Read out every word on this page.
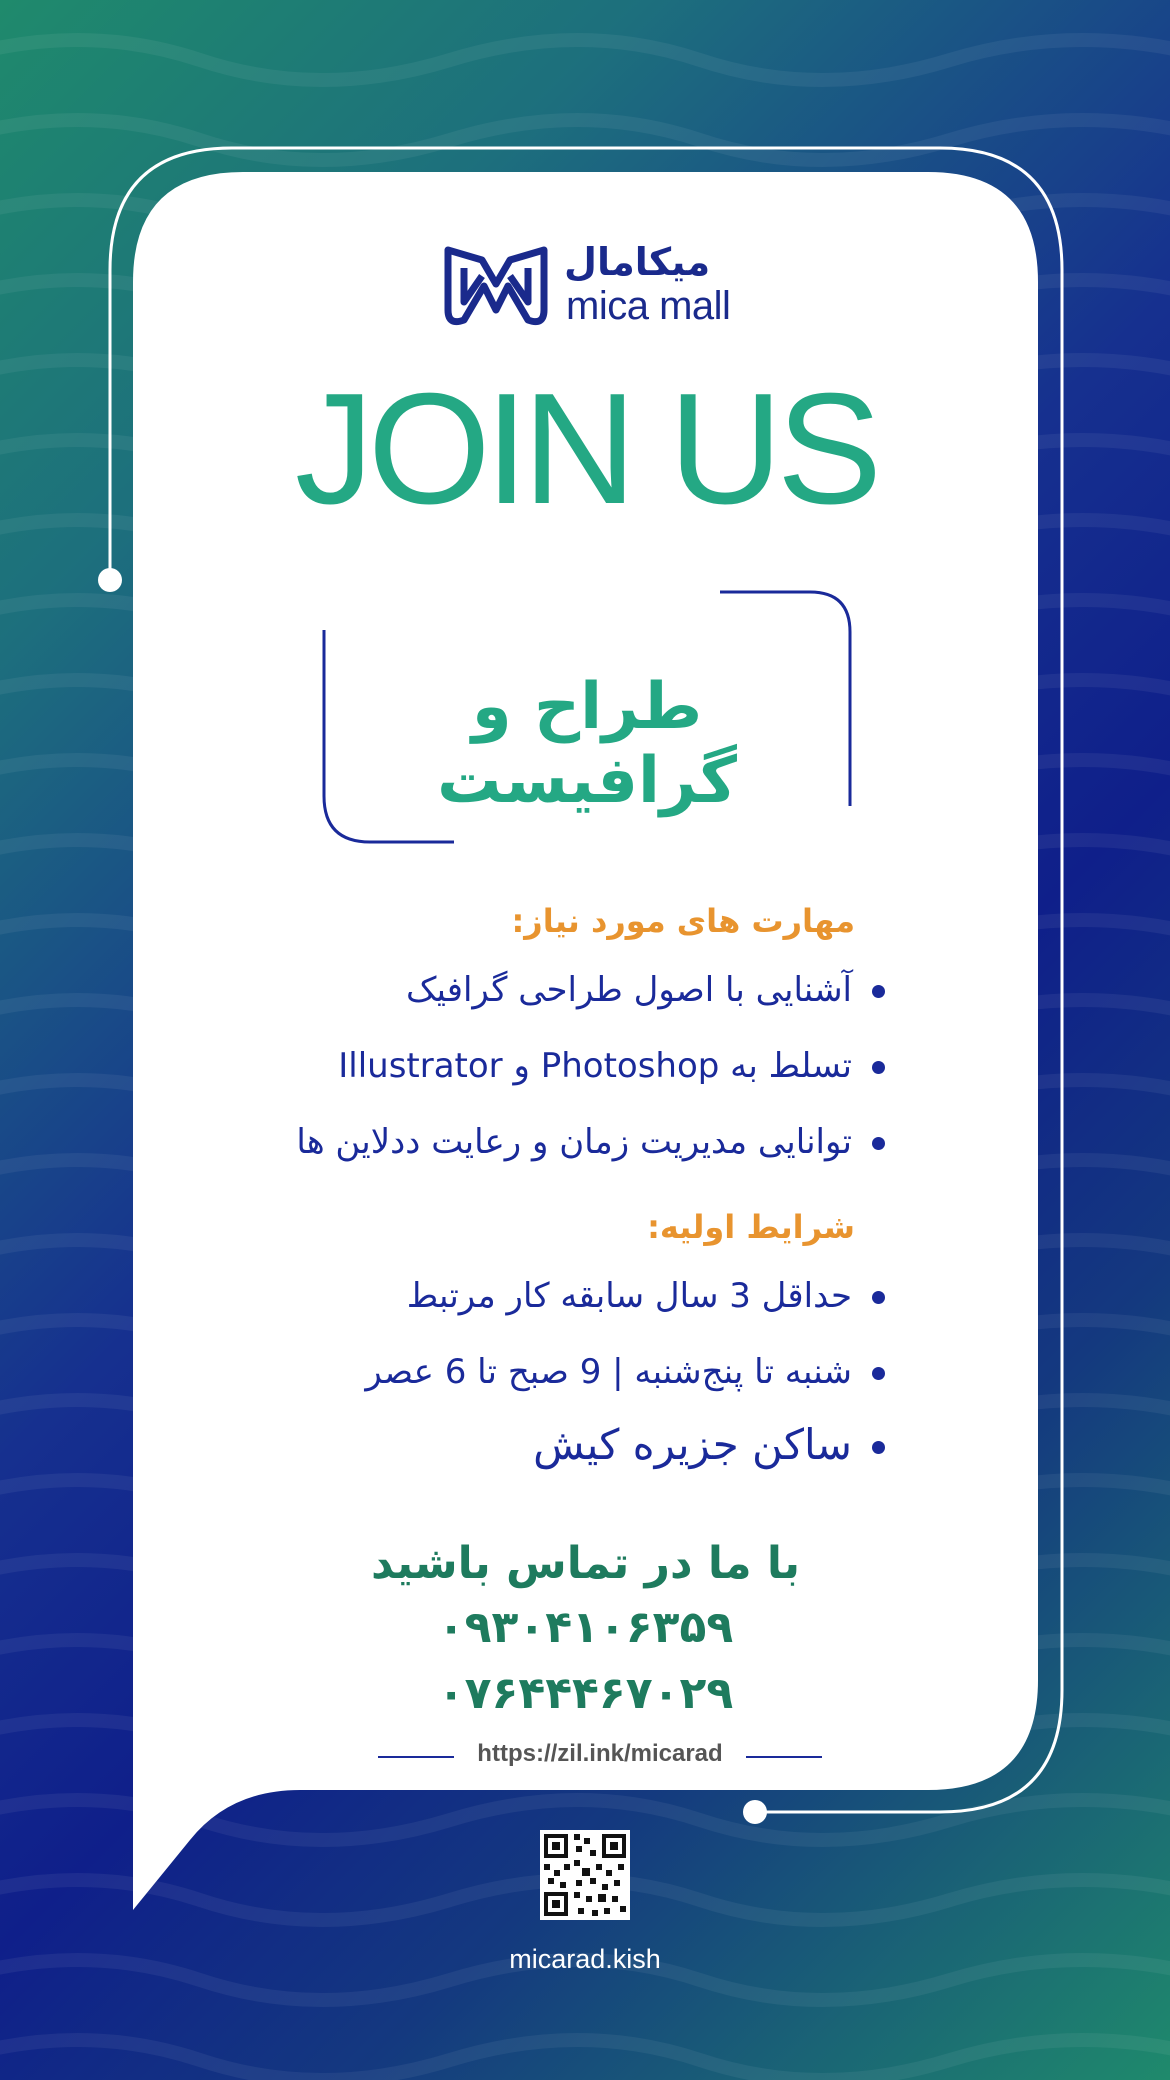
میکامال
mica mall
JOIN US
طراح و گرافیست
مهارت های مورد نیاز:
آشنایی با اصول طراحی گرافیک
تسلط به Photoshop و Illustrator
توانایی مدیریت زمان و رعایت ددلاین ها
شرایط اولیه:
حداقل 3 سال سابقه کار مرتبط
شنبه تا پنج‌شنبه | 9 صبح تا 6 عصر
ساکن جزیره کیش
با ما در تماس باشید
۰۹۳۰۴۱۰۶۳۵۹
۰۷۶۴۴۴۶۷۰۲۹
https://zil.ink/micarad
micarad.kish
